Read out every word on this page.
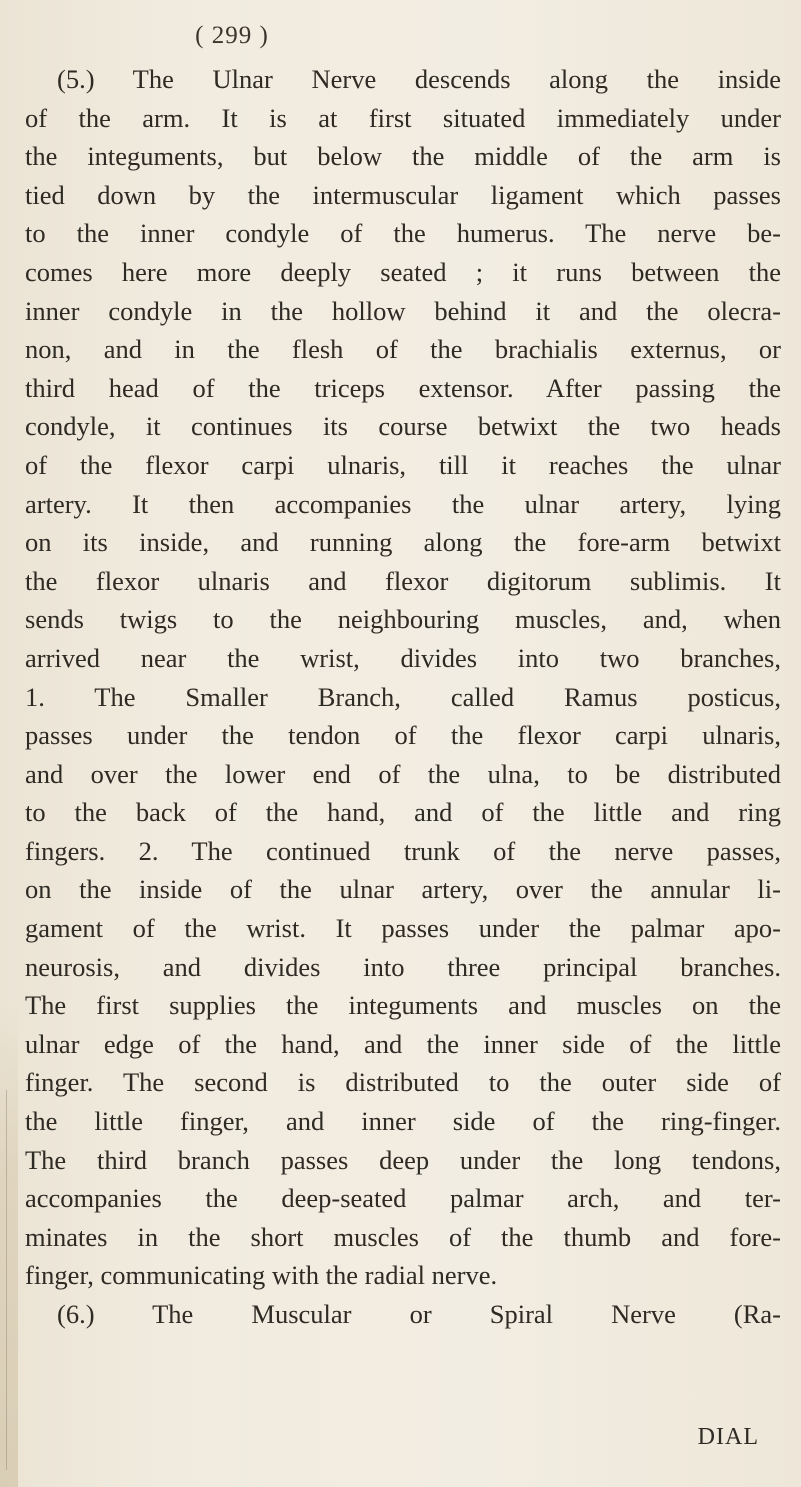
( 299 )
(5.) The Ulnar Nerve descends along the inside
of the arm. It is at first situated immediately under
the integuments, but below the middle of the arm is
tied down by the intermuscular ligament which passes
to the inner condyle of the humerus. The nerve be-
comes here more deeply seated ; it runs between the
inner condyle in the hollow behind it and the olecra-
non, and in the flesh of the brachialis externus, or
third head of the triceps extensor. After passing the
condyle, it continues its course betwixt the two heads
of the flexor carpi ulnaris, till it reaches the ulnar
artery. It then accompanies the ulnar artery, lying
on its inside, and running along the fore-arm betwixt
the flexor ulnaris and flexor digitorum sublimis. It
sends twigs to the neighbouring muscles, and, when
arrived near the wrist, divides into two branches,
1. The Smaller Branch, called Ramus posticus,
passes under the tendon of the flexor carpi ulnaris,
and over the lower end of the ulna, to be distributed
to the back of the hand, and of the little and ring
fingers. 2. The continued trunk of the nerve passes,
on the inside of the ulnar artery, over the annular li-
gament of the wrist. It passes under the palmar apo-
neurosis, and divides into three principal branches.
The first supplies the integuments and muscles on the
ulnar edge of the hand, and the inner side of the little
finger. The second is distributed to the outer side of
the little finger, and inner side of the ring-finger.
The third branch passes deep under the long tendons,
accompanies the deep-seated palmar arch, and ter-
minates in the short muscles of the thumb and fore-
finger, communicating with the radial nerve.
(6.) The Muscular or Spiral Nerve (Ra-
DIAL
